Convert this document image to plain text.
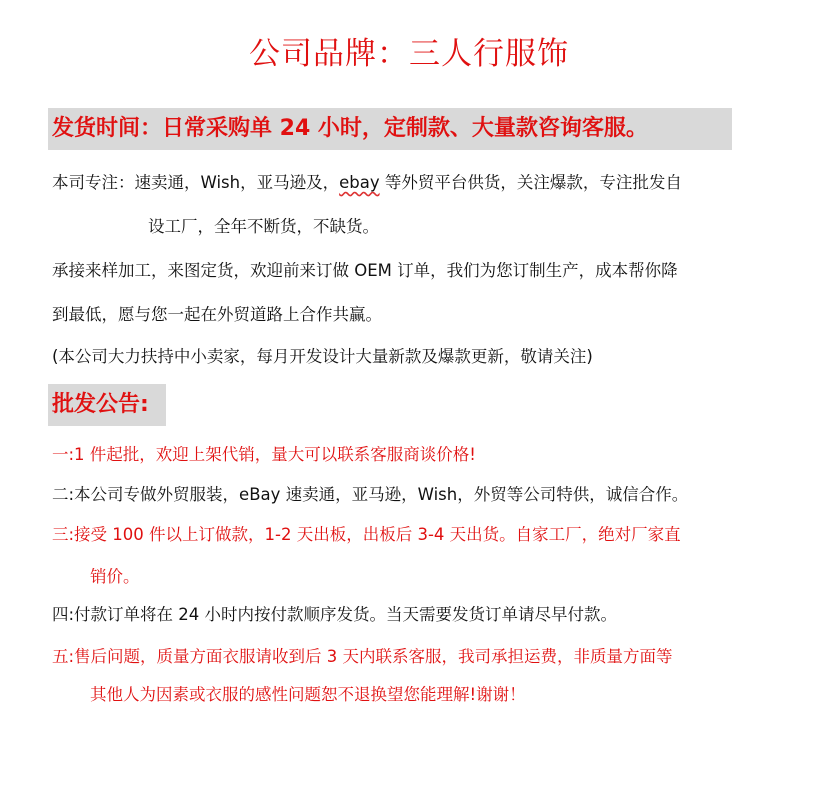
公司品牌：三人行服饰
发货时间：日常采购单 24 小时，定制款、大量款咨询客服。
本司专注：速卖通，Wish，亚马逊及，ebay 等外贸平台供货，关注爆款，专注批发自
设工厂，全年不断货，不缺货。
承接来样加工，来图定货，欢迎前来订做 OEM 订单，我们为您订制生产，成本帮你降
到最低，愿与您一起在外贸道路上合作共赢。
(本公司大力扶持中小卖家，每月开发设计大量新款及爆款更新，敬请关注)
批发公告:
一:1 件起批，欢迎上架代销，量大可以联系客服商谈价格!
二:本公司专做外贸服装，eBay 速卖通，亚马逊，Wish，外贸等公司特供，诚信合作。
三:接受 100 件以上订做款，1-2 天出板，出板后 3-4 天出货。自家工厂，绝对厂家直
销价。
四:付款订单将在 24 小时内按付款顺序发货。当天需要发货订单请尽早付款。
五:售后问题，质量方面衣服请收到后 3 天内联系客服，我司承担运费，非质量方面等
其他人为因素或衣服的感性问题恕不退换望您能理解!谢谢！
